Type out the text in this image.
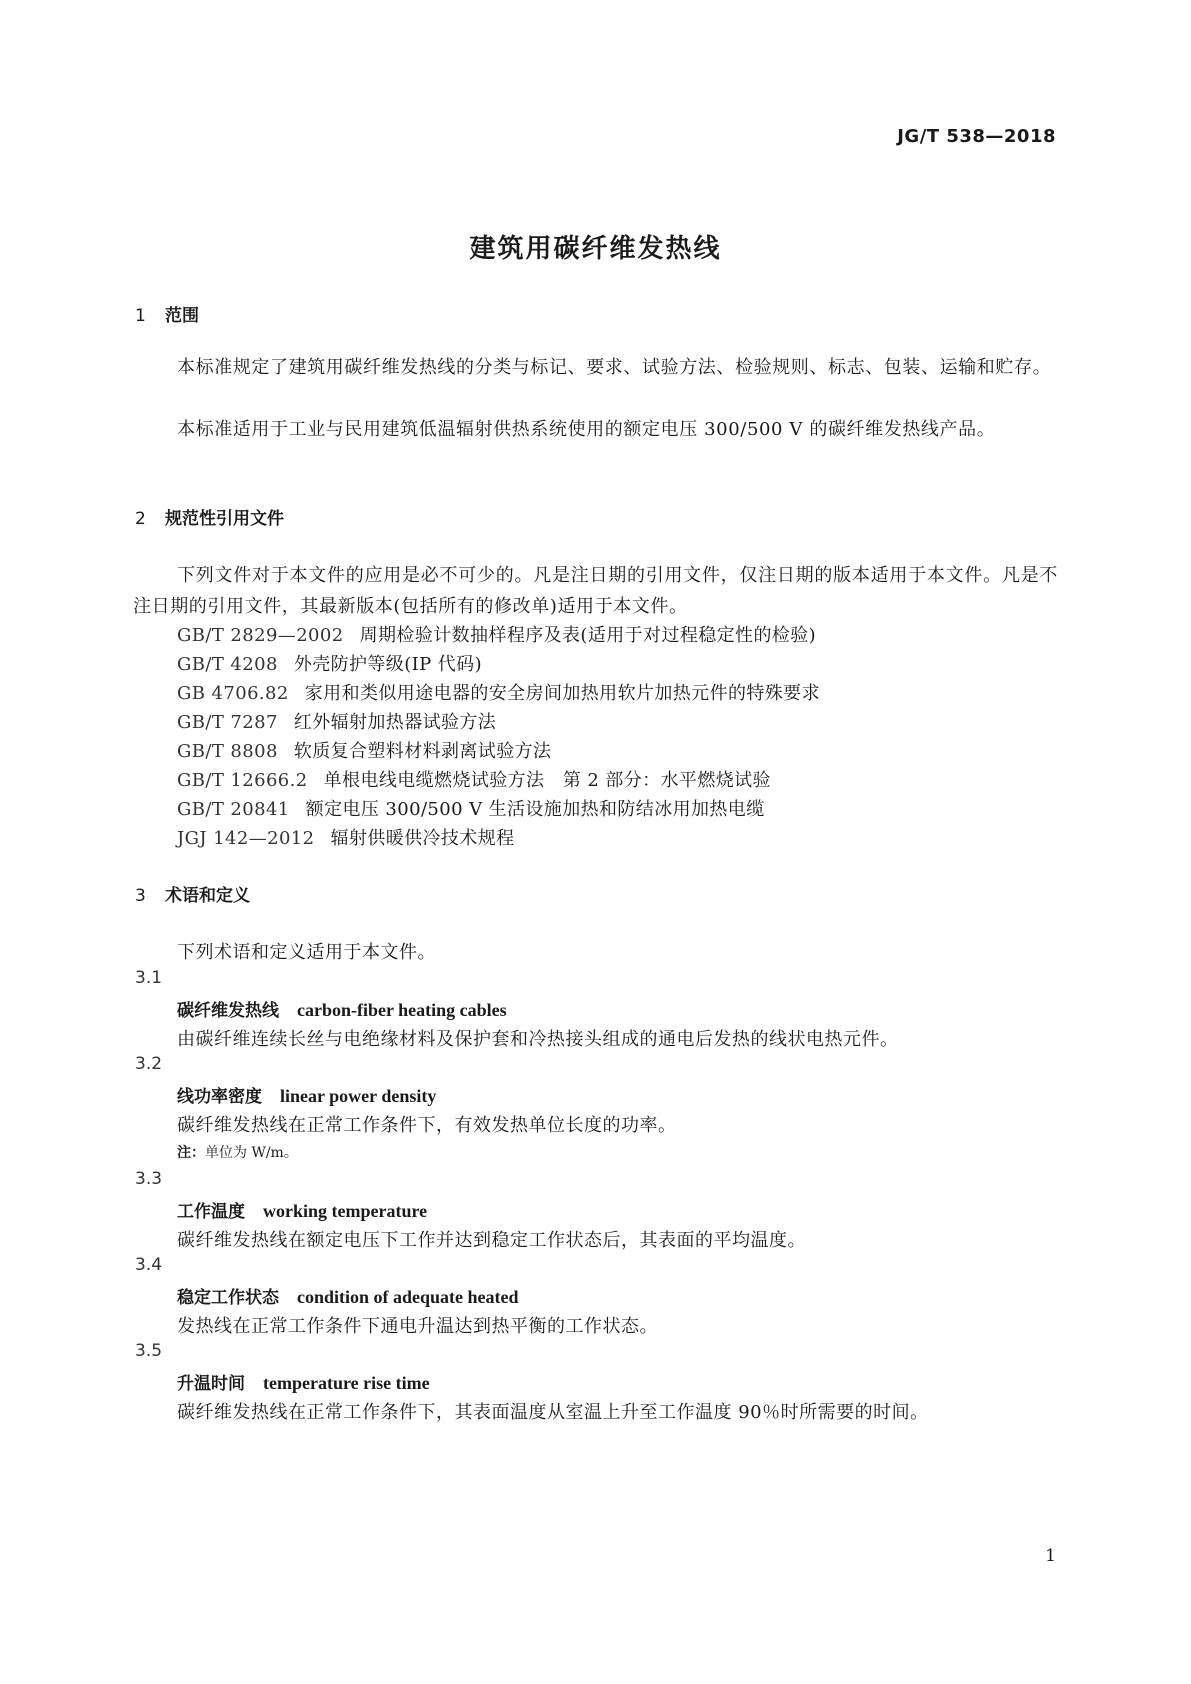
JG/T 538—2018
建筑用碳纤维发热线
1 范围
本标准规定了建筑用碳纤维发热线的分类与标记、要求、试验方法、检验规则、标志、包装、运输和贮存。
本标准适用于工业与民用建筑低温辐射供热系统使用的额定电压 300/500 V 的碳纤维发热线产品。
2 规范性引用文件
下列文件对于本文件的应用是必不可少的。凡是注日期的引用文件，仅注日期的版本适用于本文件。凡是不注日期的引用文件，其最新版本(包括所有的修改单)适用于本文件。
GB/T 2829—2002 周期检验计数抽样程序及表(适用于对过程稳定性的检验)
GB/T 4208 外壳防护等级(IP 代码)
GB 4706.82 家用和类似用途电器的安全房间加热用软片加热元件的特殊要求
GB/T 7287 红外辐射加热器试验方法
GB/T 8808 软质复合塑料材料剥离试验方法
GB/T 12666.2 单根电线电缆燃烧试验方法　第 2 部分：水平燃烧试验
GB/T 20841 额定电压 300/500 V 生活设施加热和防结冰用加热电缆
JGJ 142—2012 辐射供暖供冷技术规程
3 术语和定义
下列术语和定义适用于本文件。
3.1
碳纤维发热线 carbon-fiber heating cables
由碳纤维连续长丝与电绝缘材料及保护套和冷热接头组成的通电后发热的线状电热元件。
3.2
线功率密度 linear power density
碳纤维发热线在正常工作条件下，有效发热单位长度的功率。
注：单位为 W/m。
3.3
工作温度 working temperature
碳纤维发热线在额定电压下工作并达到稳定工作状态后，其表面的平均温度。
3.4
稳定工作状态 condition of adequate heated
发热线在正常工作条件下通电升温达到热平衡的工作状态。
3.5
升温时间 temperature rise time
碳纤维发热线在正常工作条件下，其表面温度从室温上升至工作温度 90％时所需要的时间。
1
